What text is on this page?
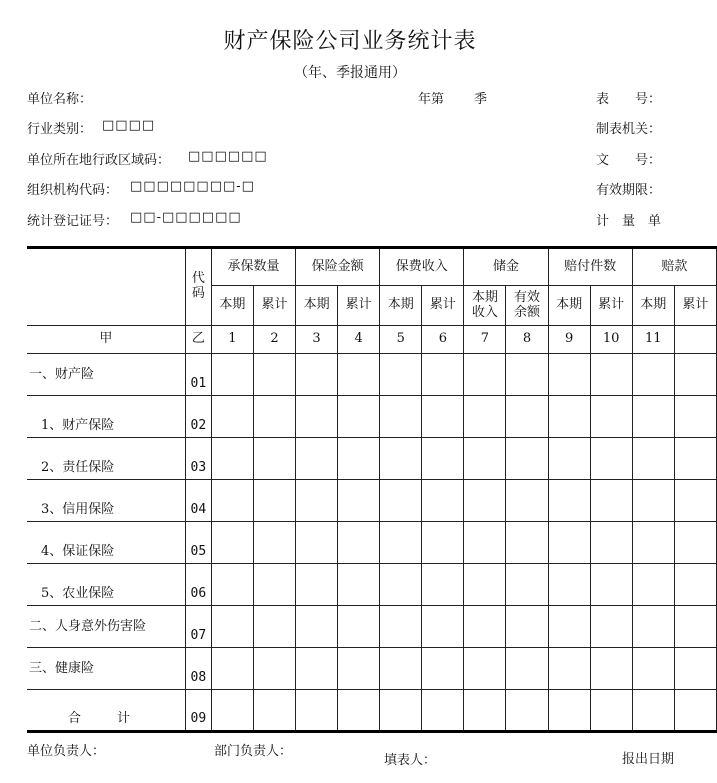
财产保险公司业务统计表
（年、季报通用）
单位名称：	年第 季	表　　号：
行业类别： □□□□	制表机关：
单位所在地行政区域码： □□□□□□	文　　号：
组织机构代码： □□□□□□□□-□	有效期限：
统计登记证号： □□-□□□□□□	计　量　单
	代码	承保数量		保险金额		保费收入		储金		赔付件数		赔款	
		本期	累计	本期	累计	本期	累计	本期收入	有效余额	本期	累计	本期	累计
甲	乙	1	2	3	4	5	6	7	8	9	10	11	
一、财产险	01												
1、财产保险	02												
2、责任保险	03												
3、信用保险	04												
4、保证保险	05												
5、农业保险	06												
二、人身意外伤害险	07												
三、健康险	08												
合 计	09												
单位负责人：	部门负责人：
填表人：	报出日期
